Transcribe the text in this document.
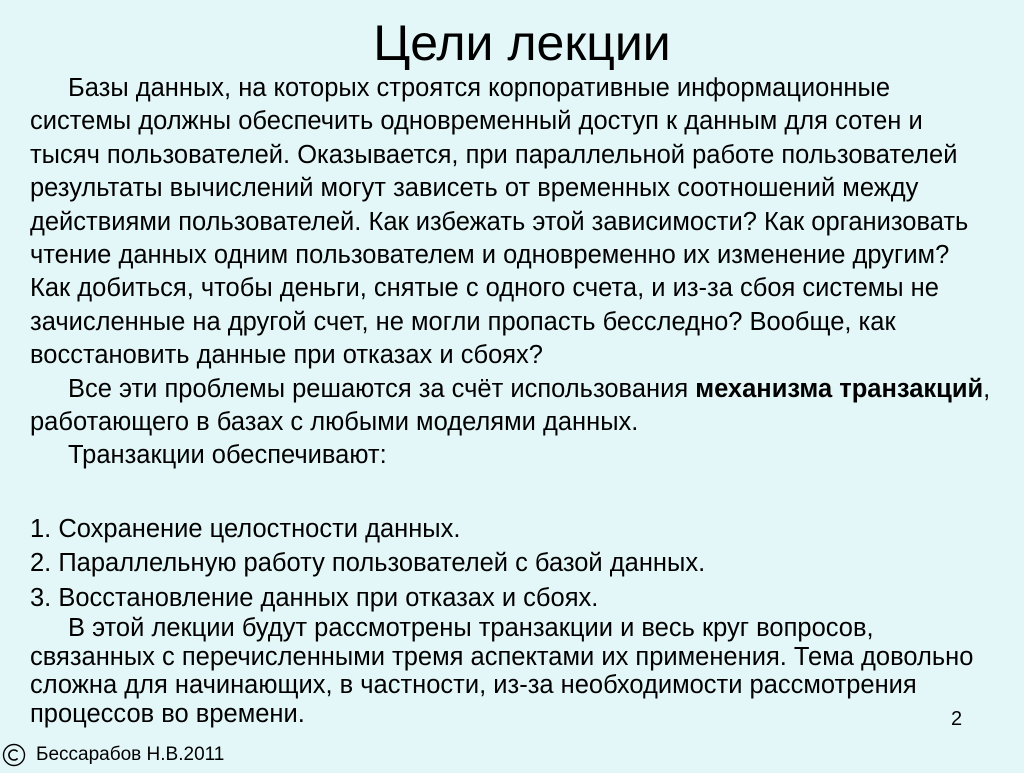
Цели лекции

Базы данных, на которых строятся корпоративные информационные системы должны обеспечить одновременный доступ к данным для сотен и тысяч пользователей. Оказывается, при параллельной работе пользователей результаты вычислений могут зависеть от временных соотношений между действиями пользователей. Как избежать этой зависимости? Как организовать чтение данных одним пользователем и одновременно их изменение другим? Как добиться, чтобы деньги, снятые с одного счета, и из-за сбоя системы не зачисленные на другой счет, не могли пропасть бесследно? Вообще, как восстановить данные при отказах и сбоях?

Все эти проблемы решаются за счёт использования механизма транзакций, работающего в базах с любыми моделями данных.

Транзакции обеспечивают:

1. Сохранение целостности данных.
2. Параллельную работу пользователей с базой данных.
3. Восстановление данных при отказах и сбоях.

В этой лекции будут рассмотрены транзакции и весь круг вопросов, связанных с перечисленными тремя аспектами их применения. Тема довольно сложна для начинающих, в частности, из-за необходимости рассмотрения процессов во времени.	2
Бессарабов Н.В.2011
